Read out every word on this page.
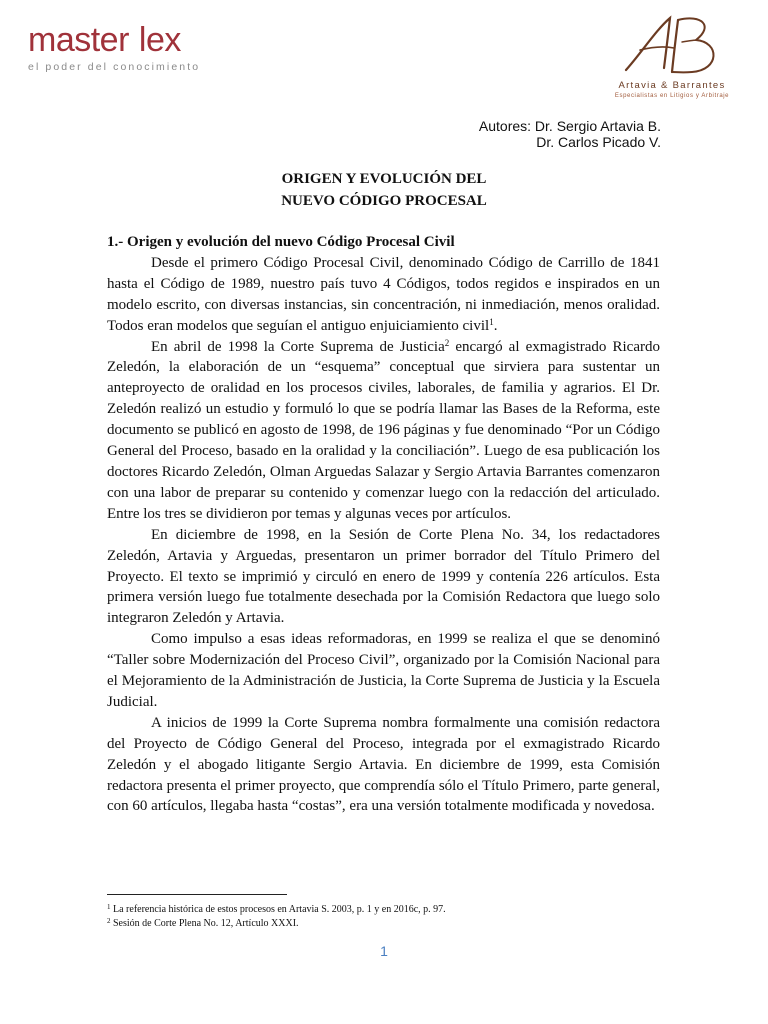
master lex
el poder del conocimiento
Artavia & Barrantes
Especialistas en Litigios y Arbitraje
Autores: Dr. Sergio Artavia B.
Dr. Carlos Picado V.
ORIGEN Y EVOLUCIÓN DEL
NUEVO CÓDIGO PROCESAL
1.- Origen y evolución del nuevo Código Procesal Civil

Desde el primero Código Procesal Civil, denominado Código de Carrillo de 1841 hasta el Código de 1989, nuestro país tuvo 4 Códigos, todos regidos e inspirados en un modelo escrito, con diversas instancias, sin concentración, ni inmediación, menos oralidad. Todos eran modelos que seguían el antiguo enjuiciamiento civil$^1$.

En abril de 1998 la Corte Suprema de Justicia$^2$ encargó al exmagistrado Ricardo Zeledón, la elaboración de un “esquema” conceptual que sirviera para sustentar un anteproyecto de oralidad en los procesos civiles, laborales, de familia y agrarios. El Dr. Zeledón realizó un estudio y formuló lo que se podría llamar las Bases de la Reforma, este documento se publicó en agosto de 1998, de 196 páginas y fue denominado “Por un Código General del Proceso, basado en la oralidad y la conciliación”. Luego de esa publicación los doctores Ricardo Zeledón, Olman Arguedas Salazar y Sergio Artavia Barrantes comenzaron con una labor de preparar su contenido y comenzar luego con la redacción del articulado. Entre los tres se dividieron por temas y algunas veces por artículos.

En diciembre de 1998, en la Sesión de Corte Plena No. 34, los redactadores Zeledón, Artavia y Arguedas, presentaron un primer borrador del Título Primero del Proyecto. El texto se imprimió y circuló en enero de 1999 y contenía 226 artículos. Esta primera versión luego fue totalmente desechada por la Comisión Redactora que luego solo integraron Zeledón y Artavia.

Como impulso a esas ideas reformadoras, en 1999 se realiza el que se denominó “Taller sobre Modernización del Proceso Civil”, organizado por la Comisión Nacional para el Mejoramiento de la Administración de Justicia, la Corte Suprema de Justicia y la Escuela Judicial.

A inicios de 1999 la Corte Suprema nombra formalmente una comisión redactora del Proyecto de Código General del Proceso, integrada por el exmagistrado Ricardo Zeledón y el abogado litigante Sergio Artavia. En diciembre de 1999, esta Comisión redactora presenta el primer proyecto, que comprendía sólo el Título Primero, parte general, con 60 artículos, llegaba hasta “costas”, era una versión totalmente modificada y novedosa.

$^1$ La referencia histórica de estos procesos en Artavia S. 2003, p. 1 y en 2016c, p. 97.
$^2$ Sesión de Corte Plena No. 12, Artículo XXXI.
1
